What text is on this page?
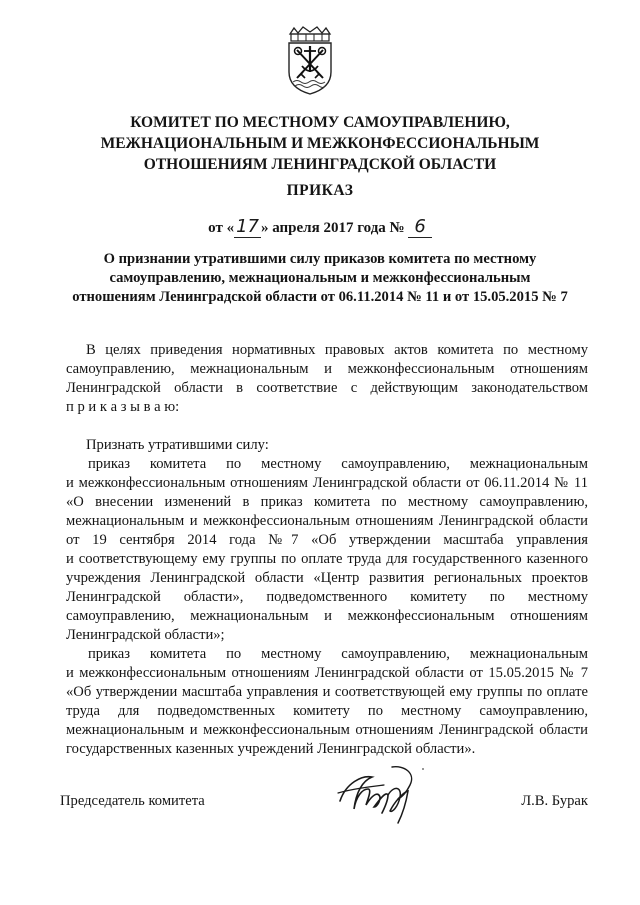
КОМИТЕТ ПО МЕСТНОМУ САМОУПРАВЛЕНИЮ,
МЕЖНАЦИОНАЛЬНЫМ И МЕЖКОНФЕССИОНАЛЬНЫМ
ОТНОШЕНИЯМ ЛЕНИНГРАДСКОЙ ОБЛАСТИ
ПРИКАЗ
от « 17 » апреля 2017 года № 6
О признании утратившими силу приказов комитета по местному
самоуправлению, межнациональным и межконфессиональным
отношениям Ленинградской области от 06.11.2014 № 11 и от 15.05.2015 № 7
В целях приведения нормативных правовых актов комитета по местному
самоуправлению, межнациональным и межконфессиональным отношениям
Ленинградской области в соответствие с действующим законодательством
п р и к а з ы в а ю:
Признать утратившими силу:
приказ комитета по местному самоуправлению, межнациональным
и межконфессиональным отношениям Ленинградской области от 06.11.2014 № 11
«О внесении изменений в приказ комитета по местному самоуправлению,
межнациональным и межконфессиональным отношениям Ленинградской области
от 19 сентября 2014 года №7 «Об утверждении масштаба управления
и соответствующему ему группы по оплате труда для государственного казенного
учреждения Ленинградской области «Центр развития региональных проектов
Ленинградской области», подведомственного комитету по местному
самоуправлению, межнациональным и межконфессиональным отношениям
Ленинградской области»;
приказ комитета по местному самоуправлению, межнациональным
и межконфессиональным отношениям Ленинградской области от 15.05.2015 № 7
«Об утверждении масштаба управления и соответствующей ему группы по оплате
труда для подведомственных комитету по местному самоуправлению,
межнациональным и межконфессиональным отношениям Ленинградской области
государственных казенных учреждений Ленинградской области».
Председатель комитета	Л.В. Бурак
